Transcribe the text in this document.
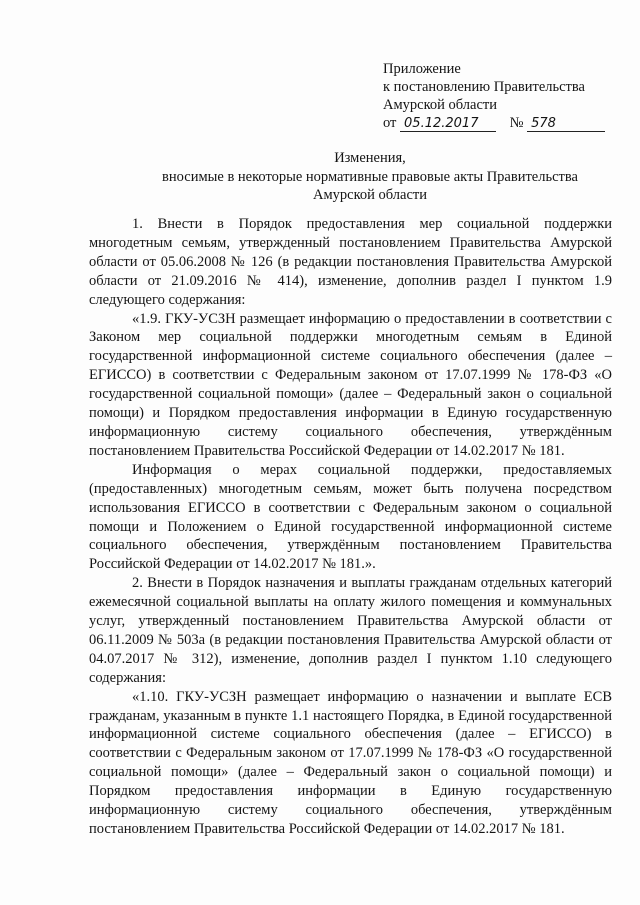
Приложение
к постановлению Правительства
Амурской области
от 05.12.2017 № 578
Изменения,
вносимые в некоторые нормативные правовые акты Правительства
Амурской области

1. Внести в Порядок предоставления мер социальной поддержки многодетным семьям, утвержденный постановлением Правительства Амурской области от 05.06.2008 № 126 (в редакции постановления Правительства Амурской области от 21.09.2016 № 414), изменение, дополнив раздел I пунктом 1.9 следующего содержания:

«1.9. ГКУ-УСЗН размещает информацию о предоставлении в соответствии с Законом мер социальной поддержки многодетным семьям в Единой государственной информационной системе социального обеспечения (далее – ЕГИССО) в соответствии с Федеральным законом от 17.07.1999 № 178-ФЗ «О государственной социальной помощи» (далее – Федеральный закон о социальной помощи) и Порядком предоставления информации в Единую государственную информационную систему социального обеспечения, утверждённым постановлением Правительства Российской Федерации от 14.02.2017 № 181.

Информация о мерах социальной поддержки, предоставляемых (предоставленных) многодетным семьям, может быть получена посредством использования ЕГИССО в соответствии с Федеральным законом о социальной помощи и Положением о Единой государственной информационной системе социального обеспечения, утверждённым постановлением Правительства Российской Федерации от 14.02.2017 № 181.».

2. Внести в Порядок назначения и выплаты гражданам отдельных категорий ежемесячной социальной выплаты на оплату жилого помещения и коммунальных услуг, утвержденный постановлением Правительства Амурской области от 06.11.2009 № 503а (в редакции постановления Правительства Амурской области от 04.07.2017 № 312), изменение, дополнив раздел I пунктом 1.10 следующего содержания:

«1.10. ГКУ-УСЗН размещает информацию о назначении и выплате ЕСВ гражданам, указанным в пункте 1.1 настоящего Порядка, в Единой государственной информационной системе социального обеспечения (далее – ЕГИССО) в соответствии с Федеральным законом от 17.07.1999 № 178-ФЗ «О государственной социальной помощи» (далее – Федеральный закон о социальной помощи) и Порядком предоставления информации в Единую государственную информационную систему социального обеспечения, утверждённым постановлением Правительства Российской Федерации от 14.02.2017 № 181.
